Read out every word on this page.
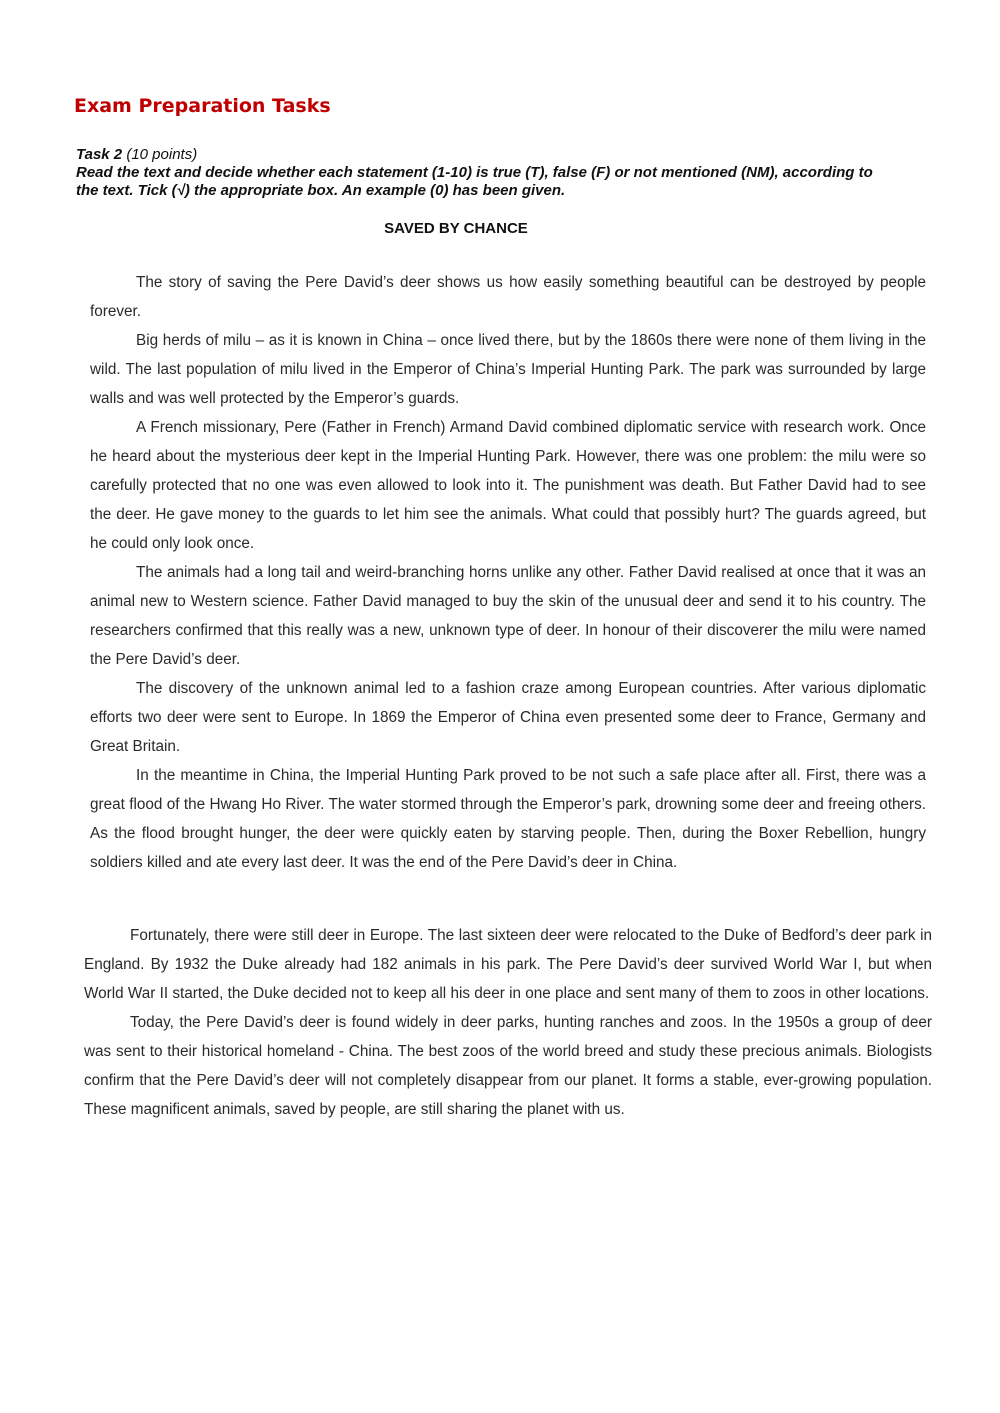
Exam Preparation Tasks
Task 2 (10 points)
Read the text and decide whether each statement (1-10) is true (T), false (F) or not mentioned (NM), according to the text. Tick (√) the appropriate box. An example (0) has been given.
SAVED BY CHANCE

The story of saving the Pere David’s deer shows us how easily something beautiful can be destroyed by people forever.

Big herds of milu – as it is known in China – once lived there, but by the 1860s there were none of them living in the wild. The last population of milu lived in the Emperor of China’s Imperial Hunting Park. The park was surrounded by large walls and was well protected by the Emperor’s guards.

A French missionary, Pere (Father in French) Armand David combined diplomatic service with research work. Once he heard about the mysterious deer kept in the Imperial Hunting Park. However, there was one problem: the milu were so carefully protected that no one was even allowed to look into it. The punishment was death. But Father David had to see the deer. He gave money to the guards to let him see the animals. What could that possibly hurt? The guards agreed, but he could only look once.

The animals had a long tail and weird-branching horns unlike any other. Father David realised at once that it was an animal new to Western science. Father David managed to buy the skin of the unusual deer and send it to his country. The researchers confirmed that this really was a new, unknown type of deer. In honour of their discoverer the milu were named the Pere David’s deer.

The discovery of the unknown animal led to a fashion craze among European countries. After various diplomatic efforts two deer were sent to Europe. In 1869 the Emperor of China even presented some deer to France, Germany and Great Britain.

In the meantime in China, the Imperial Hunting Park proved to be not such a safe place after all. First, there was a great flood of the Hwang Ho River. The water stormed through the Emperor’s park, drowning some deer and freeing others. As the flood brought hunger, the deer were quickly eaten by starving people. Then, during the Boxer Rebellion, hungry soldiers killed and ate every last deer. It was the end of the Pere David’s deer in China.

Fortunately, there were still deer in Europe. The last sixteen deer were relocated to the Duke of Bedford’s deer park in England. By 1932 the Duke already had 182 animals in his park. The Pere David’s deer survived World War I, but when World War II started, the Duke decided not to keep all his deer in one place and sent many of them to zoos in other locations.

Today, the Pere David’s deer is found widely in deer parks, hunting ranches and zoos. In the 1950s a group of deer was sent to their historical homeland - China. The best zoos of the world breed and study these precious animals. Biologists confirm that the Pere David’s deer will not completely disappear from our planet. It forms a stable, ever-growing population. These magnificent animals, saved by people, are still sharing the planet with us.
